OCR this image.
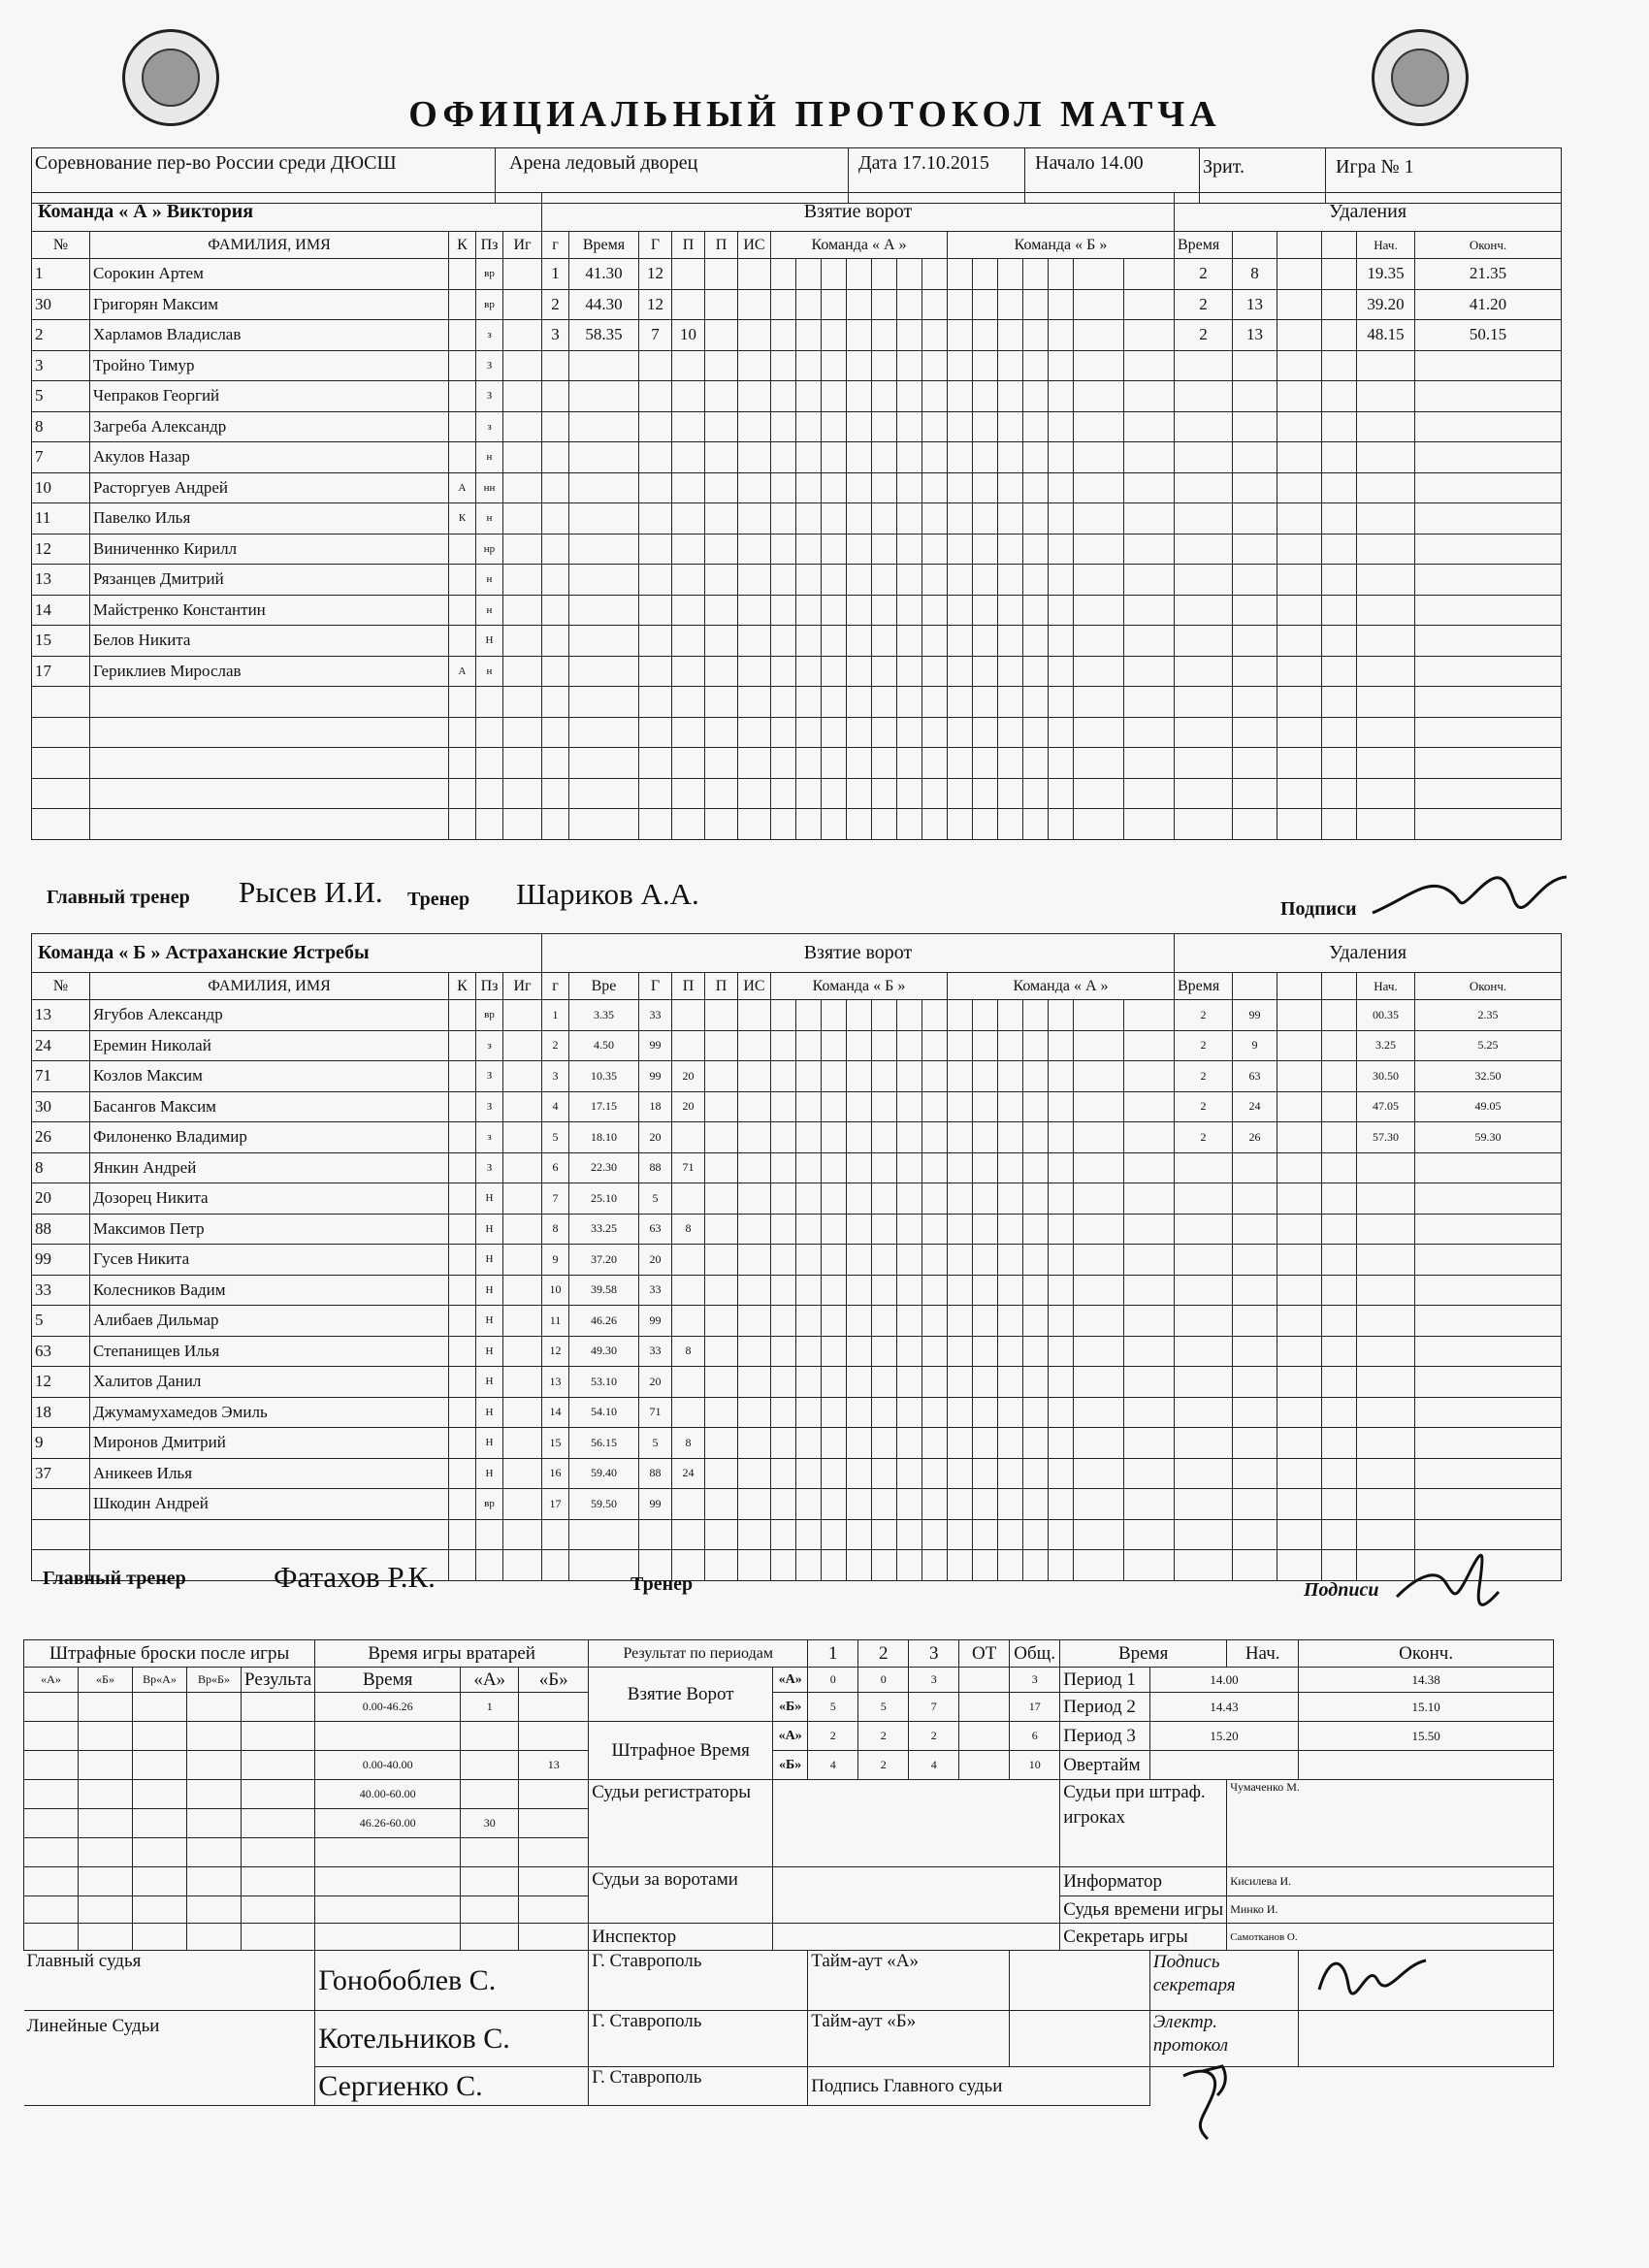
ОФИЦИАЛЬНЫЙ ПРОТОКОЛ МАТЧА
Соревнование пер-во России среди ДЮСШ	Арена ледовый дворец	Дата 17.10.2015	Начало 14.00	Зрит.	Игра № 1
Команда « А » Виктория					Взятие ворот																				Удаления					
№	ФАМИЛИЯ, ИМЯ	К	Пз	Иг	г	Время	Г	П	П	ИС	Команда « А »							Команда « Б »							Время				Нач.	Оконч.
1	Сорокин Артем		вр		1	41.30	12																		2	8			19.35	21.35
30	Григорян Максим		вр		2	44.30	12																		2	13			39.20	41.20
2	Харламов Владислав		з		3	58.35	7	10																	2	13			48.15	50.15
3	Тройно Тимур		З																											
5	Чепраков Георгий		З																											
8	Загреба Александр		з																											
7	Акулов Назар		н																											
10	Расторгуев Андрей	А	нн																											
11	Павелко Илья	К	н																											
12	Виниченнко Кирилл		нр																											
13	Рязанцев Дмитрий		н																											
14	Майстренко Константин		н																											
15	Белов Никита		Н																											
17	Гериклиев Мирослав	А	н																											

Главный тренер Рысев И.И. Тренер Шариков А.А.	Подписи
Команда « Б » Астраханские Ястребы					Взятие ворот																				Удаления					
№	ФАМИЛИЯ, ИМЯ	К	Пз	Иг	г	Вре	Г	П	П	ИС	Команда « Б »							Команда « А »							Время				Нач.	Оконч.
13	Ягубов Александр		вр		1	3.35	33																		2	99			00.35	2.35
24	Еремин Николай		з		2	4.50	99																		2	9			3.25	5.25
71	Козлов Максим		З		3	10.35	99	20																	2	63			30.50	32.50
30	Басангов Максим		З		4	17.15	18	20																	2	24			47.05	49.05
26	Филоненко Владимир		з		5	18.10	20																		2	26			57.30	59.30
8	Янкин Андрей		З		6	22.30	88	71																						
20	Дозорец Никита		Н		7	25.10	5																							
88	Максимов Петр		Н		8	33.25	63	8																						
99	Гусев Никита		Н		9	37.20	20																							
33	Колесников Вадим		Н		10	39.58	33																							
5	Алибаев Дильмар		Н		11	46.26	99																							
63	Степанищев Илья		Н		12	49.30	33	8																						
12	Халитов Данил		Н		13	53.10	20																							
18	Джумамухамедов Эмиль		Н		14	54.10	71																							
9	Миронов Дмитрий		Н		15	56.15	5	8																						
37	Аникеев Илья		Н		16	59.40	88	24																						
	Шкодин Андрей		вр		17	59.50	99																							

Главный тренер	Фатахов Р.К.	Тренер	Подписи
Штрафные броски после игры					Время игры вратарей			Результат по периодам		1	2	3	ОТ	Общ.	Время		Нач.	Оконч.
«А»	«Б»	Вр«А»	Вр«Б»	Результа	Время	«А»	«Б»	Взятие Ворот	«А»	0	0	3		3	Период 1	14.00		14.38
					0.00-46.26	1			«Б»	5	5	7		17	Период 2	14.43		15.10
								Штрафное Время	«А»	2	2	2		6	Период 3	15.20		15.50
					0.00-40.00		13		«Б»	4	2	4		10	Овертайм			
					40.00-60.00			Судьи регистраторы							Судьи при штраф. игроках		Чумаченко М.	
					46.26-60.00	30												

								Судьи за воротами							Информатор		Кисилева И.	
															Судья времени игры		Минко И.	
								Инспектор							Секретарь игры		Самотканов О.	
Главный судья					Гонобоблев С.			Г. Ставрополь		Тайм-аут «А»						Подпись секретаря		
Линейные Судьи					Котельников С.			Г. Ставрополь		Тайм-аут «Б»						Электр. протокол		
					Сергиенко С.			Г. Ставрополь		Подпись Главного судьи								
